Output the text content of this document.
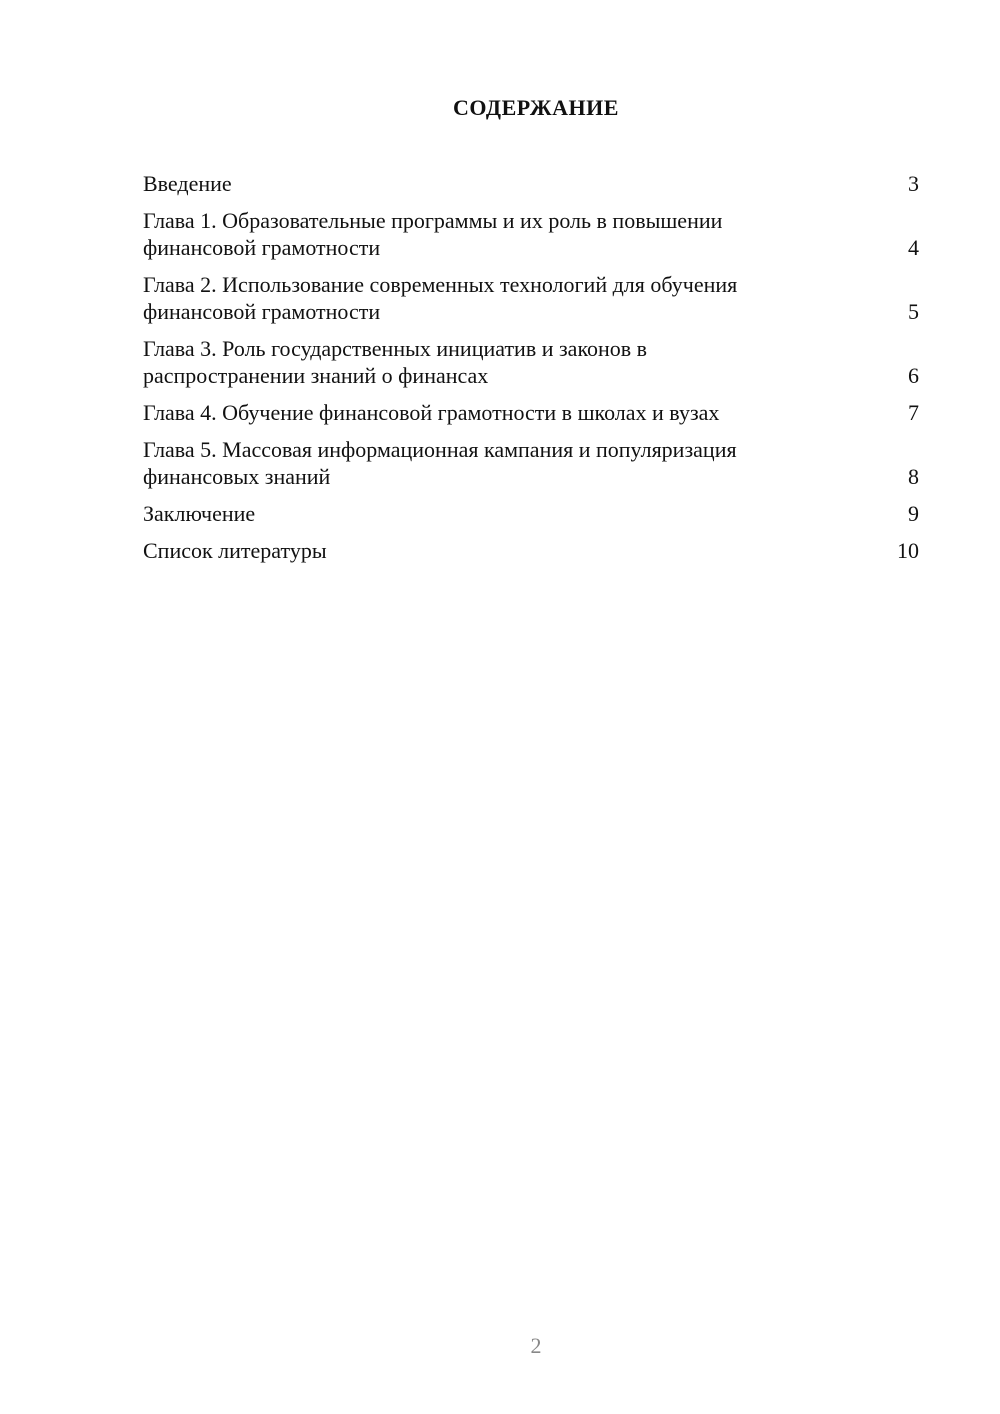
СОДЕРЖАНИЕ
Введение	3
Глава 1. Образовательные программы и их роль в повышении
финансовой грамотности	4
Глава 2. Использование современных технологий для обучения
финансовой грамотности	5
Глава 3. Роль государственных инициатив и законов в
распространении знаний о финансах	6
Глава 4. Обучение финансовой грамотности в школах и вузах	7
Глава 5. Массовая информационная кампания и популяризация
финансовых знаний	8
Заключение	9
Список литературы	10
2
